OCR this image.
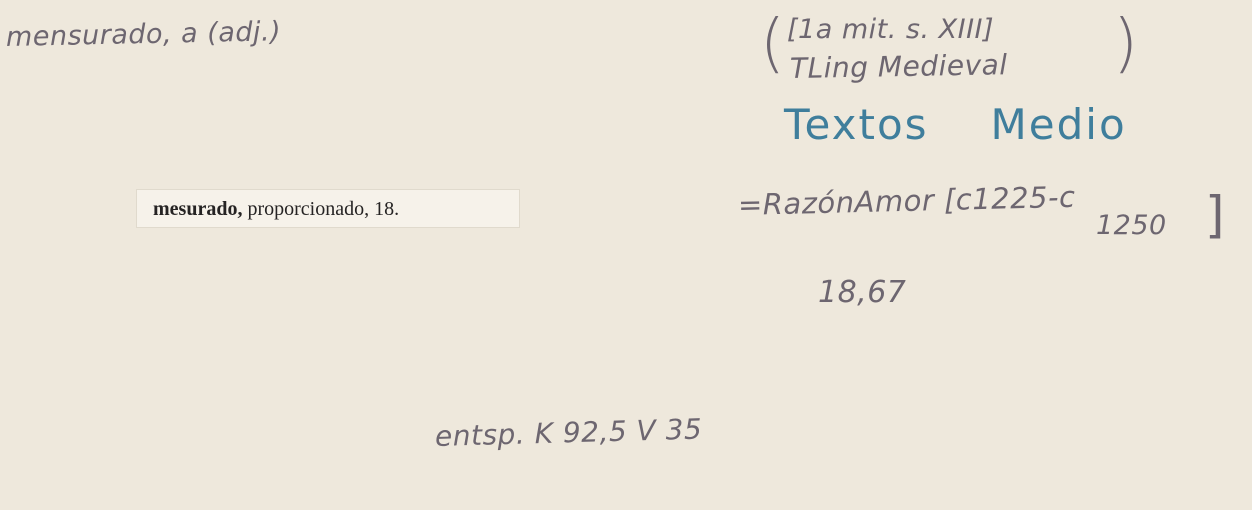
mensurado, a (adj.)	( [1a mit. s. XIII]
TLing Medieval )
Textos Medio
=RazónAmor [c1225-c
1250 ]
18,67
mesurado, proporcionado, 18.
entsp. K 92,5 V 35
